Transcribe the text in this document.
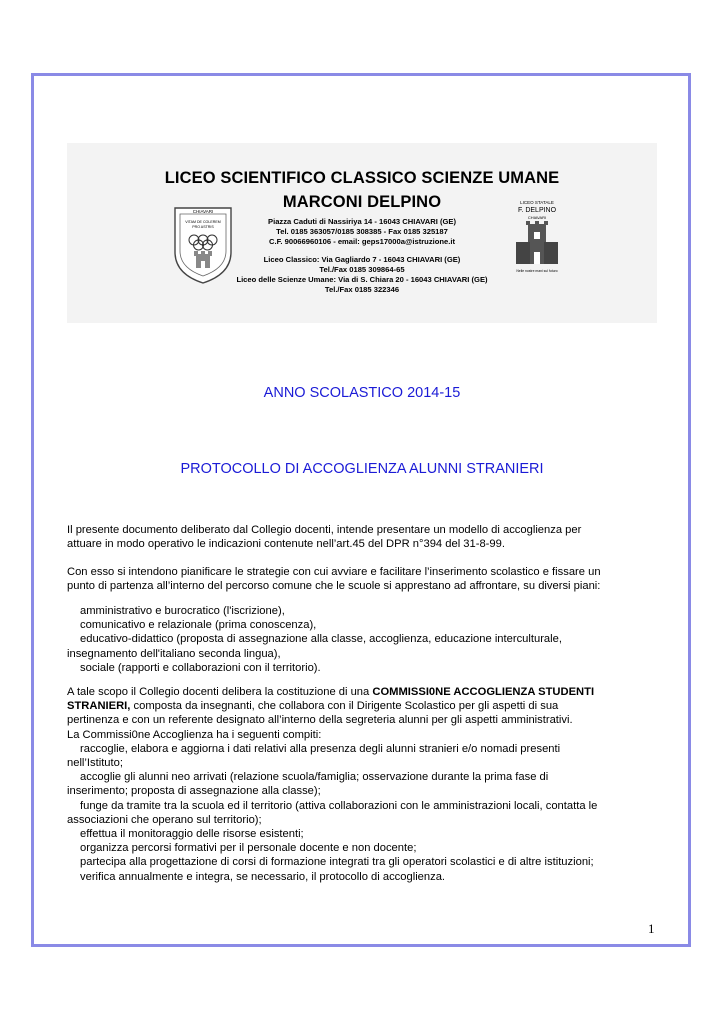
LICEO SCIENTIFICO CLASSICO SCIENZE UMANE
MARCONI DELPINO
CHIAVARI
VITAM DE COLEREM
PRO ASTRIS
LICEO STATALE
F. DELPINO
CHIAVARI
Nelle nostre mani sul futuro
Piazza Caduti di Nassiriya 14 - 16043 CHIAVARI (GE)
Tel. 0185 363057/0185 308385 - Fax 0185 325187
C.F. 90066960106 - email: geps17000a@istruzione.it
Liceo Classico: Via Gagliardo 7 - 16043 CHIAVARI (GE)
Tel./Fax 0185 309864-65
Liceo delle Scienze Umane: Via di S. Chiara 20 - 16043 CHIAVARI (GE)
Tel./Fax 0185 322346
ANNO SCOLASTICO 2014-15
PROTOCOLLO DI ACCOGLIENZA ALUNNI STRANIERI

Il presente documento deliberato dal Collegio docenti, intende presentare un modello di accoglienza per

attuare in modo operativo le indicazioni contenute nell’art.45 del DPR n°394 del 31-8-99.

Con esso si intendono pianificare le strategie con cui avviare e facilitare l’inserimento scolastico e fissare un

punto di partenza all’interno del percorso comune che le scuole si apprestano ad affrontare, su diversi piani:

amministrativo e burocratico (l'iscrizione),

comunicativo e relazionale (prima conoscenza),

educativo-didattico (proposta di assegnazione alla classe, accoglienza, educazione interculturale,

insegnamento dell'italiano seconda lingua),

sociale (rapporti e collaborazioni con il territorio).

A tale scopo il Collegio docenti delibera la costituzione di una COMMISSI0NE ACCOGLIENZA STUDENTI

STRANIERI, composta da insegnanti, che collabora con il Dirigente Scolastico per gli aspetti di sua

pertinenza e con un referente designato all’interno della segreteria alunni per gli aspetti amministrativi.

La Commissi0ne Accoglienza ha i seguenti compiti:

raccoglie, elabora e aggiorna i dati relativi alla presenza degli alunni stranieri e/o nomadi presenti

nell’Istituto;

accoglie gli alunni neo arrivati (relazione scuola/famiglia; osservazione durante la prima fase di

inserimento; proposta di assegnazione alla classe);

funge da tramite tra la scuola ed il territorio (attiva collaborazioni con le amministrazioni locali, contatta le

associazioni che operano sul territorio);

effettua il monitoraggio delle risorse esistenti;

organizza percorsi formativi per il personale docente e non docente;

partecipa alla progettazione di corsi di formazione integrati tra gli operatori scolastici e di altre istituzioni;

verifica annualmente e integra, se necessario, il protocollo di accoglienza.

1
